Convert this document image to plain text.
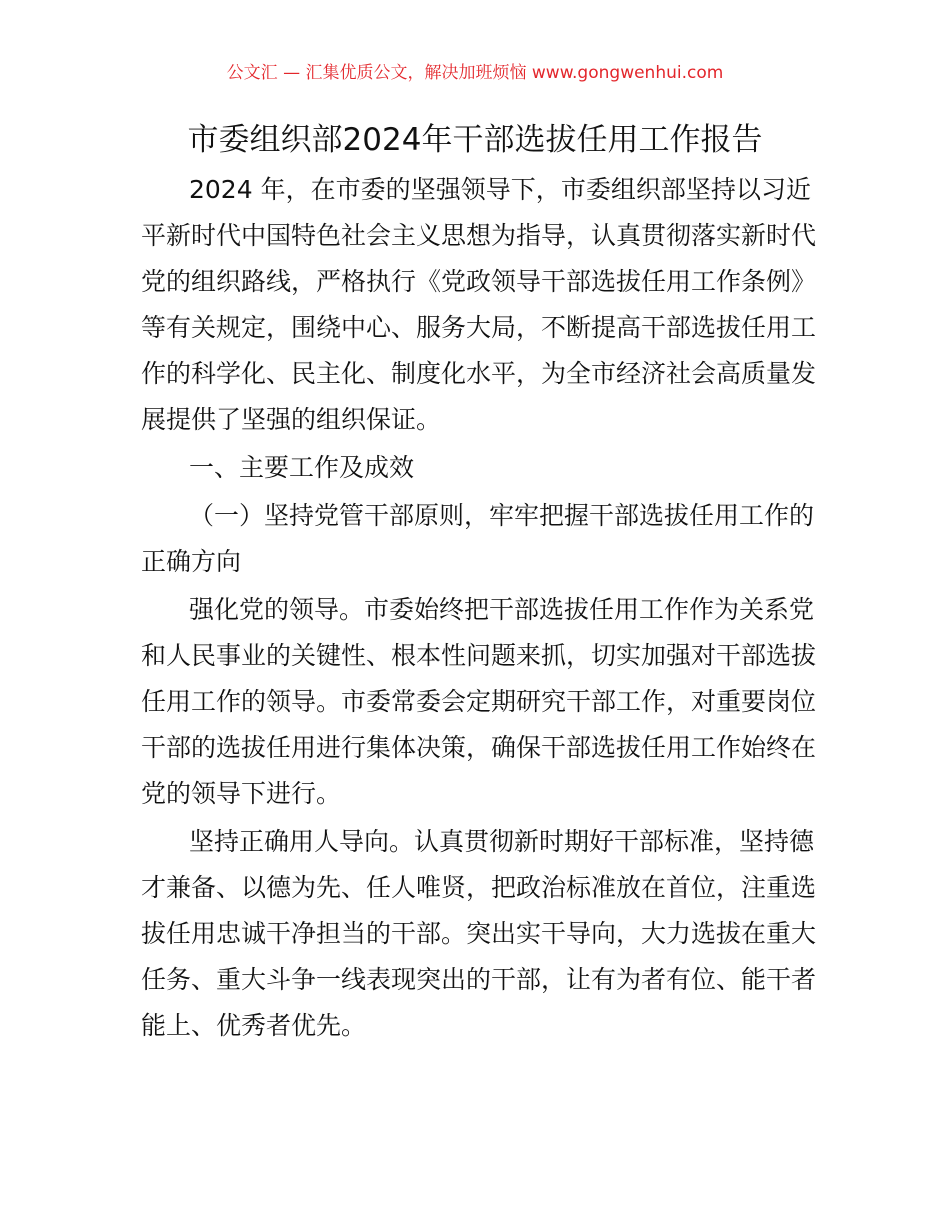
公文汇 — 汇集优质公文，解决加班烦恼 www.gongwenhui.com
市委组织部2024年干部选拔任用工作报告
2024 年，在市委的坚强领导下，市委组织部坚持以习近
平新时代中国特色社会主义思想为指导，认真贯彻落实新时代
党的组织路线，严格执行《党政领导干部选拔任用工作条例》
等有关规定，围绕中心、服务大局，不断提高干部选拔任用工
作的科学化、民主化、制度化水平，为全市经济社会高质量发
展提供了坚强的组织保证。
一、主要工作及成效
（一）坚持党管干部原则，牢牢把握干部选拔任用工作的
正确方向
强化党的领导。市委始终把干部选拔任用工作作为关系党
和人民事业的关键性、根本性问题来抓，切实加强对干部选拔
任用工作的领导。市委常委会定期研究干部工作，对重要岗位
干部的选拔任用进行集体决策，确保干部选拔任用工作始终在
党的领导下进行。
坚持正确用人导向。认真贯彻新时期好干部标准，坚持德
才兼备、以德为先、任人唯贤，把政治标准放在首位，注重选
拔任用忠诚干净担当的干部。突出实干导向，大力选拔在重大
任务、重大斗争一线表现突出的干部，让有为者有位、能干者
能上、优秀者优先。
